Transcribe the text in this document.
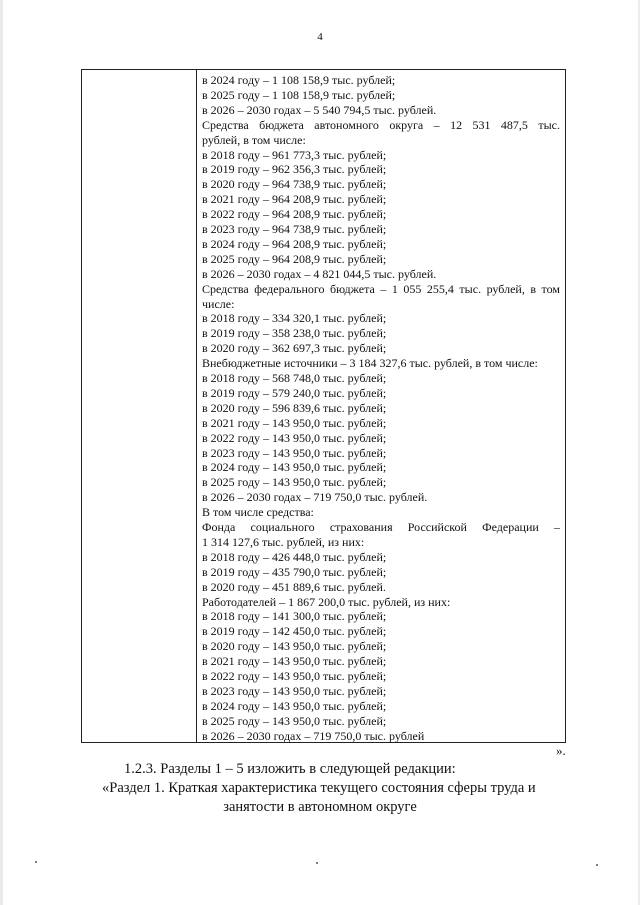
4
в 2024 году – 1 108 158,9 тыс. рублей;
в 2025 году – 1 108 158,9 тыс. рублей;
в 2026 – 2030 годах – 5 540 794,5 тыс. рублей.
Средства бюджета автономного округа – 12 531 487,5 тыс.
рублей, в том числе:
в 2018 году – 961 773,3 тыс. рублей;
в 2019 году – 962 356,3 тыс. рублей;
в 2020 году – 964 738,9 тыс. рублей;
в 2021 году – 964 208,9 тыс. рублей;
в 2022 году – 964 208,9 тыс. рублей;
в 2023 году – 964 738,9 тыс. рублей;
в 2024 году – 964 208,9 тыс. рублей;
в 2025 году – 964 208,9 тыс. рублей;
в 2026 – 2030 годах – 4 821 044,5 тыс. рублей.
Средства федерального бюджета – 1 055 255,4 тыс. рублей, в том
числе:
в 2018 году – 334 320,1 тыс. рублей;
в 2019 году – 358 238,0 тыс. рублей;
в 2020 году – 362 697,3 тыс. рублей;
Внебюджетные источники – 3 184 327,6 тыс. рублей, в том числе:
в 2018 году – 568 748,0 тыс. рублей;
в 2019 году – 579 240,0 тыс. рублей;
в 2020 году – 596 839,6 тыс. рублей;
в 2021 году – 143 950,0 тыс. рублей;
в 2022 году – 143 950,0 тыс. рублей;
в 2023 году – 143 950,0 тыс. рублей;
в 2024 году – 143 950,0 тыс. рублей;
в 2025 году – 143 950,0 тыс. рублей;
в 2026 – 2030 годах – 719 750,0 тыс. рублей.
В том числе средства:
Фонда социального страхования Российской Федерации –
1 314 127,6 тыс. рублей, из них:
в 2018 году – 426 448,0 тыс. рублей;
в 2019 году – 435 790,0 тыс. рублей;
в 2020 году – 451 889,6 тыс. рублей.
Работодателей – 1 867 200,0 тыс. рублей, из них:
в 2018 году – 141 300,0 тыс. рублей;
в 2019 году – 142 450,0 тыс. рублей;
в 2020 году – 143 950,0 тыс. рублей;
в 2021 году – 143 950,0 тыс. рублей;
в 2022 году – 143 950,0 тыс. рублей;
в 2023 году – 143 950,0 тыс. рублей;
в 2024 году – 143 950,0 тыс. рублей;
в 2025 году – 143 950,0 тыс. рублей;
в 2026 – 2030 годах – 719 750,0 тыс. рублей
».
1.2.3. Разделы 1 – 5 изложить в следующей редакции:
«Раздел 1. Краткая характеристика текущего состояния сферы труда и
занятости в автономном округе
